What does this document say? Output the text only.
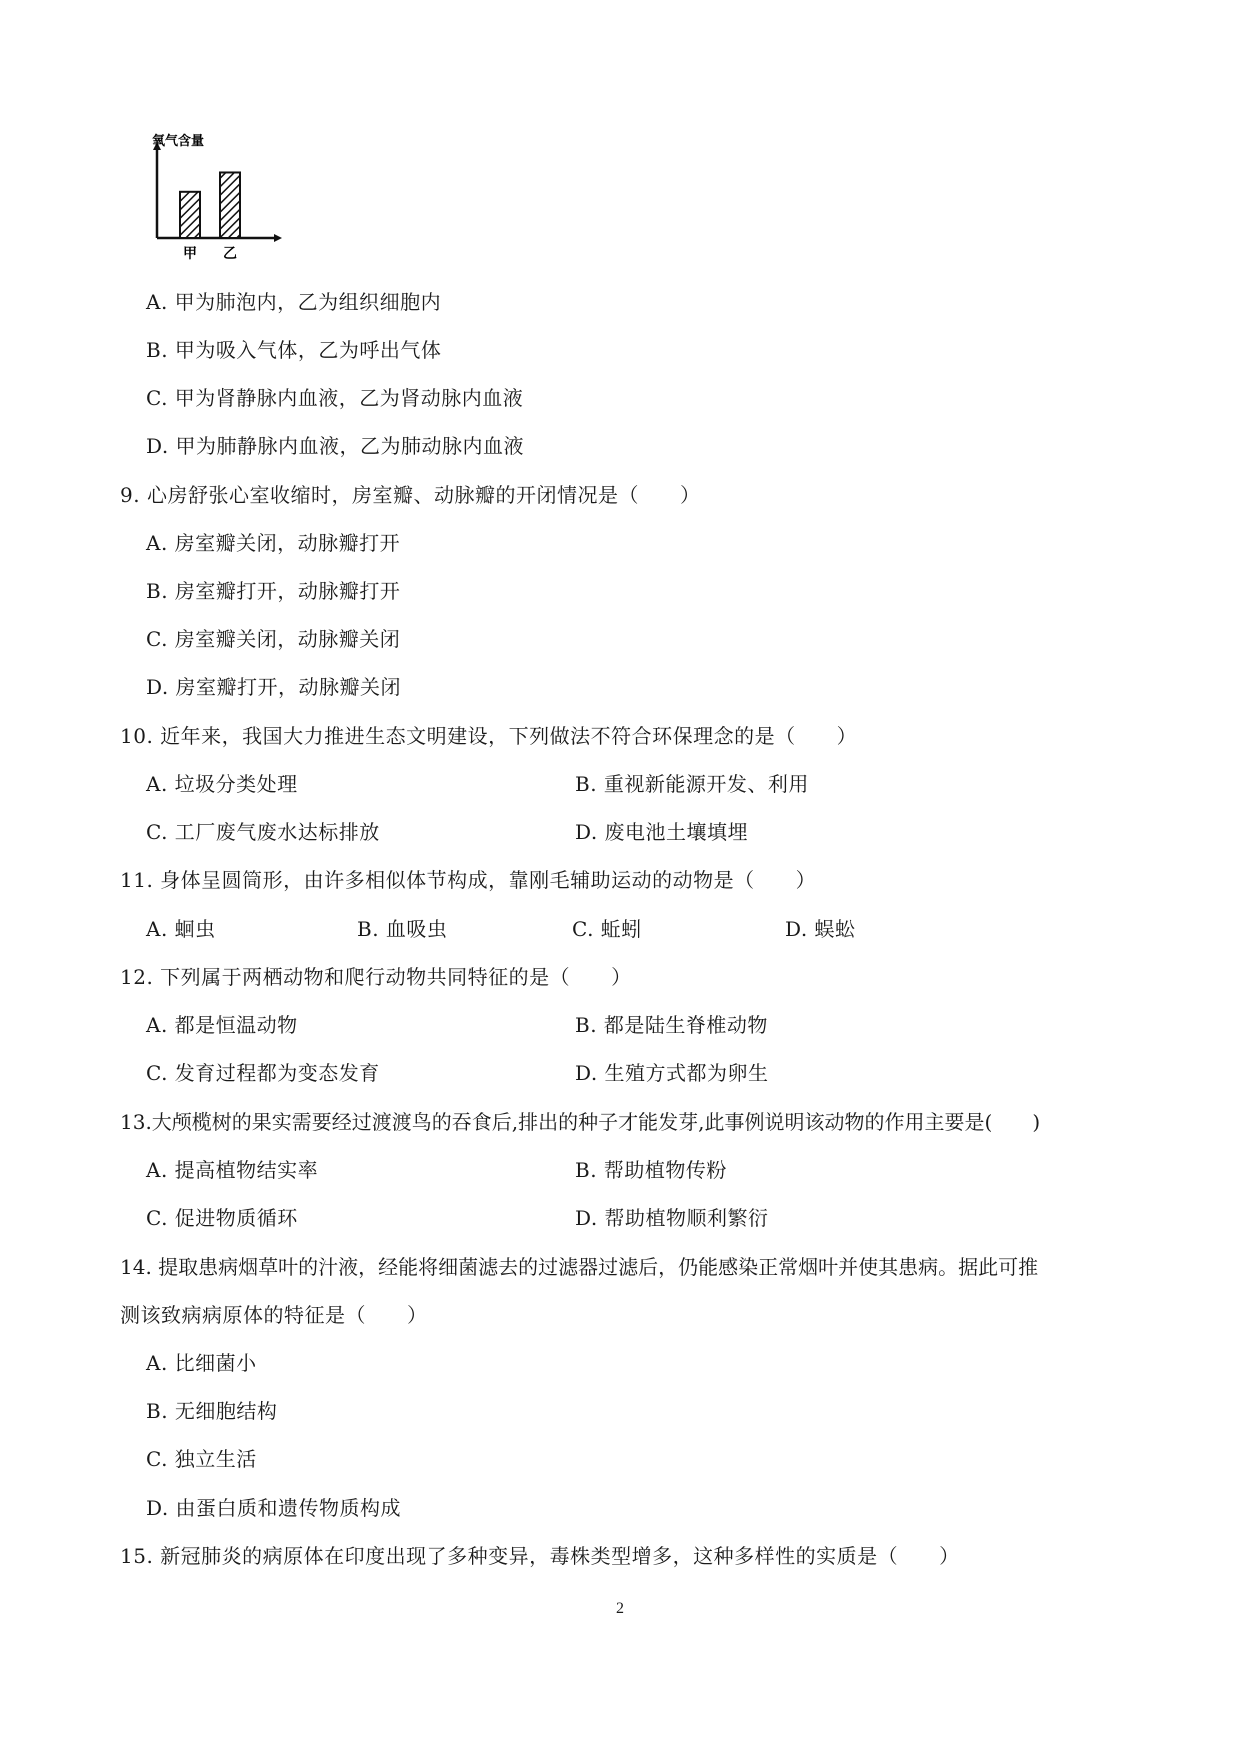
氧气含量
甲 乙
A. 甲为肺泡内，乙为组织细胞内
B. 甲为吸入气体，乙为呼出气体
C. 甲为肾静脉内血液，乙为肾动脉内血液
D. 甲为肺静脉内血液，乙为肺动脉内血液
9. 心房舒张心室收缩时，房室瓣、动脉瓣的开闭情况是（　　）
A. 房室瓣关闭，动脉瓣打开
B. 房室瓣打开，动脉瓣打开
C. 房室瓣关闭，动脉瓣关闭
D. 房室瓣打开，动脉瓣关闭
10. 近年来，我国大力推进生态文明建设，下列做法不符合环保理念的是（　　）
A. 垃圾分类处理	B. 重视新能源开发、利用
C. 工厂废气废水达标排放	D. 废电池土壤填埋
11. 身体呈圆筒形，由许多相似体节构成，靠刚毛辅助运动的动物是（　　）
A. 蛔虫	B. 血吸虫	C. 蚯蚓	D. 蜈蚣
12. 下列属于两栖动物和爬行动物共同特征的是（　　）
A. 都是恒温动物	B. 都是陆生脊椎动物
C. 发育过程都为变态发育	D. 生殖方式都为卵生
13.大颅榄树的果实需要经过渡渡鸟的吞食后,排出的种子才能发芽,此事例说明该动物的作用主要是(　　)
A. 提高植物结实率	B. 帮助植物传粉
C. 促进物质循环	D. 帮助植物顺利繁衍
14. 提取患病烟草叶的汁液，经能将细菌滤去的过滤器过滤后，仍能感染正常烟叶并使其患病。据此可推
测该致病病原体的特征是（　　）
A. 比细菌小
B. 无细胞结构
C. 独立生活
D. 由蛋白质和遗传物质构成
15. 新冠肺炎的病原体在印度出现了多种变异，毒株类型增多，这种多样性的实质是（　　）
2
